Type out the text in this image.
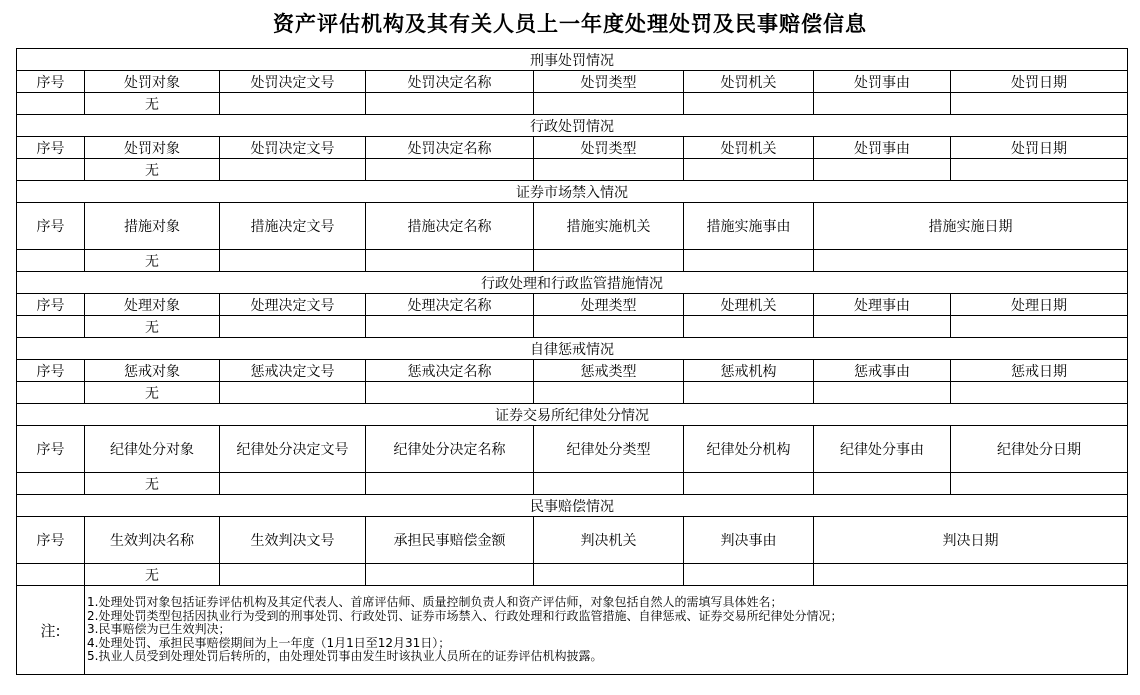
资产评估机构及其有关人员上一年度处理处罚及民事赔偿信息
刑事处罚情况							
序号	处罚对象	处罚决定文号	处罚决定名称	处罚类型	处罚机关	处罚事由	处罚日期
	无						
行政处罚情况							
序号	处罚对象	处罚决定文号	处罚决定名称	处罚类型	处罚机关	处罚事由	处罚日期
	无						
证券市场禁入情况							
序号	措施对象	措施决定文号	措施决定名称	措施实施机关	措施实施事由	措施实施日期	
	无						
行政处理和行政监管措施情况							
序号	处理对象	处理决定文号	处理决定名称	处理类型	处理机关	处理事由	处理日期
	无						
自律惩戒情况							
序号	惩戒对象	惩戒决定文号	惩戒决定名称	惩戒类型	惩戒机构	惩戒事由	惩戒日期
	无						
证券交易所纪律处分情况							
序号	纪律处分对象	纪律处分决定文号	纪律处分决定名称	纪律处分类型	纪律处分机构	纪律处分事由	纪律处分日期
	无						
民事赔偿情况							
序号	生效判决名称	生效判决文号	承担民事赔偿金额	判决机关	判决事由	判决日期	
	无						
注:	1.处理处罚对象包括证券评估机构及其定代表人、首席评估师、质量控制负责人和资产评估师，对象包括自然人的需填写具体姓名；
2.处理处罚类型包括因执业行为受到的刑事处罚、行政处罚、证券市场禁入、行政处理和行政监管措施、自律惩戒、证券交易所纪律处分情况；
3.民事赔偿为已生效判决；
4.处理处罚、承担民事赔偿期间为上一年度（1月1日至12月31日）；
5.执业人员受到处理处罚后转所的，由处理处罚事由发生时该执业人员所在的证券评估机构披露。						
